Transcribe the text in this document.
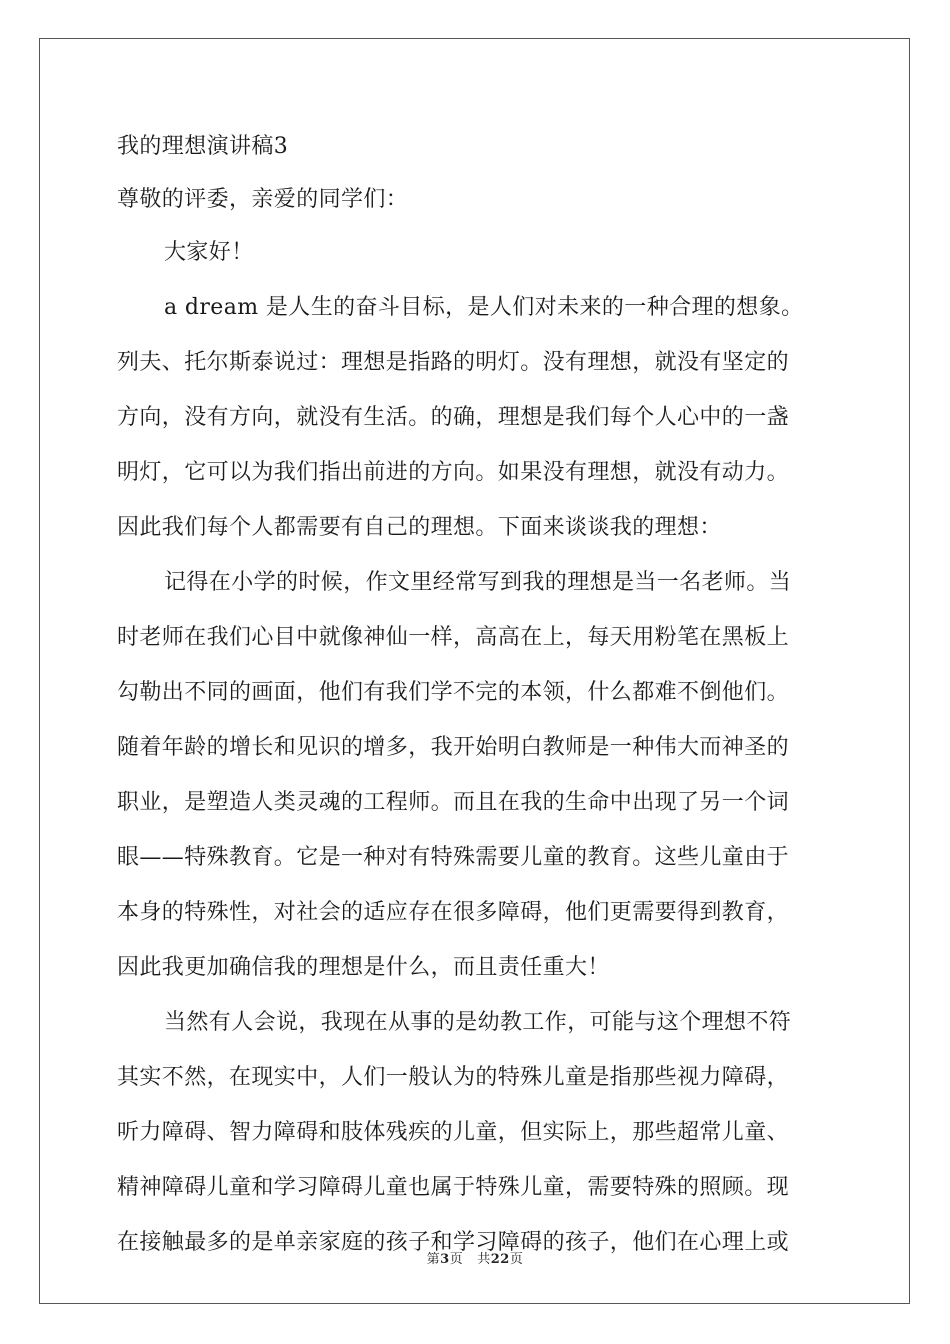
我的理想演讲稿3
尊敬的评委，亲爱的同学们：
大家好！
a dream 是人生的奋斗目标，是人们对未来的一种合理的想象。
列夫、托尔斯泰说过：理想是指路的明灯。没有理想，就没有坚定的
方向，没有方向，就没有生活。的确，理想是我们每个人心中的一盏
明灯，它可以为我们指出前进的方向。如果没有理想，就没有动力。
因此我们每个人都需要有自己的理想。下面来谈谈我的理想：
记得在小学的时候，作文里经常写到我的理想是当一名老师。当
时老师在我们心目中就像神仙一样，高高在上，每天用粉笔在黑板上
勾勒出不同的画面，他们有我们学不完的本领，什么都难不倒他们。
随着年龄的增长和见识的增多，我开始明白教师是一种伟大而神圣的
职业，是塑造人类灵魂的工程师。而且在我的生命中出现了另一个词
眼——特殊教育。它是一种对有特殊需要儿童的教育。这些儿童由于
本身的特殊性，对社会的适应存在很多障碍，他们更需要得到教育，
因此我更加确信我的理想是什么，而且责任重大！
当然有人会说，我现在从事的是幼教工作，可能与这个理想不符
其实不然，在现实中，人们一般认为的特殊儿童是指那些视力障碍，
听力障碍、智力障碍和肢体残疾的儿童，但实际上，那些超常儿童、
精神障碍儿童和学习障碍儿童也属于特殊儿童，需要特殊的照顾。现
在接触最多的是单亲家庭的孩子和学习障碍的孩子，他们在心理上或
第3页 共22页
